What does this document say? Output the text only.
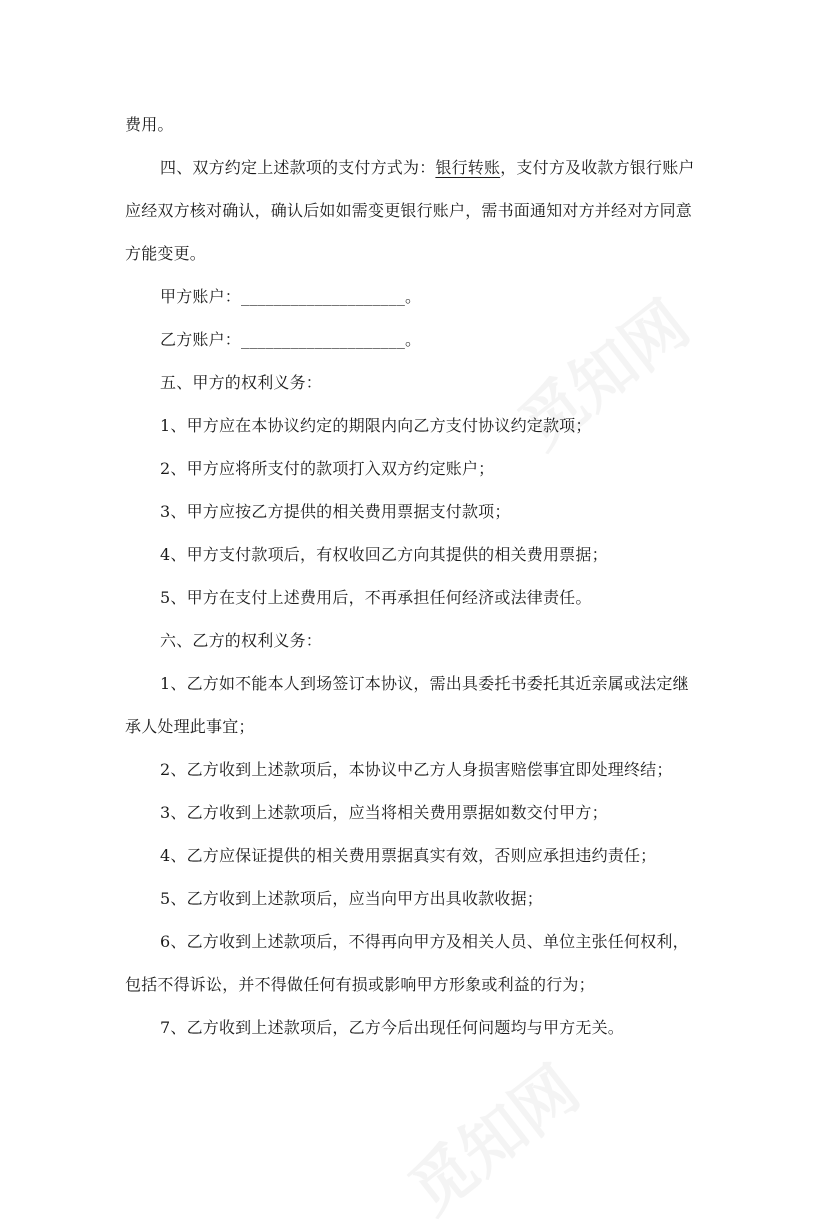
费用。
四、双方约定上述款项的支付方式为：银行转账，支付方及收款方银行账户
应经双方核对确认，确认后如如需变更银行账户，需书面通知对方并经对方同意
方能变更。
甲方账户：____________________。
乙方账户：____________________。
五、甲方的权利义务：
1、甲方应在本协议约定的期限内向乙方支付协议约定款项；
2、甲方应将所支付的款项打入双方约定账户；
3、甲方应按乙方提供的相关费用票据支付款项；
4、甲方支付款项后，有权收回乙方向其提供的相关费用票据；
5、甲方在支付上述费用后，不再承担任何经济或法律责任。
六、乙方的权利义务：
1、乙方如不能本人到场签订本协议，需出具委托书委托其近亲属或法定继
承人处理此事宜；
2、乙方收到上述款项后，本协议中乙方人身损害赔偿事宜即处理终结；
3、乙方收到上述款项后，应当将相关费用票据如数交付甲方；
4、乙方应保证提供的相关费用票据真实有效，否则应承担违约责任；
5、乙方收到上述款项后，应当向甲方出具收款收据；
6、乙方收到上述款项后，不得再向甲方及相关人员、单位主张任何权利，
包括不得诉讼，并不得做任何有损或影响甲方形象或利益的行为；
7、乙方收到上述款项后，乙方今后出现任何问题均与甲方无关。
